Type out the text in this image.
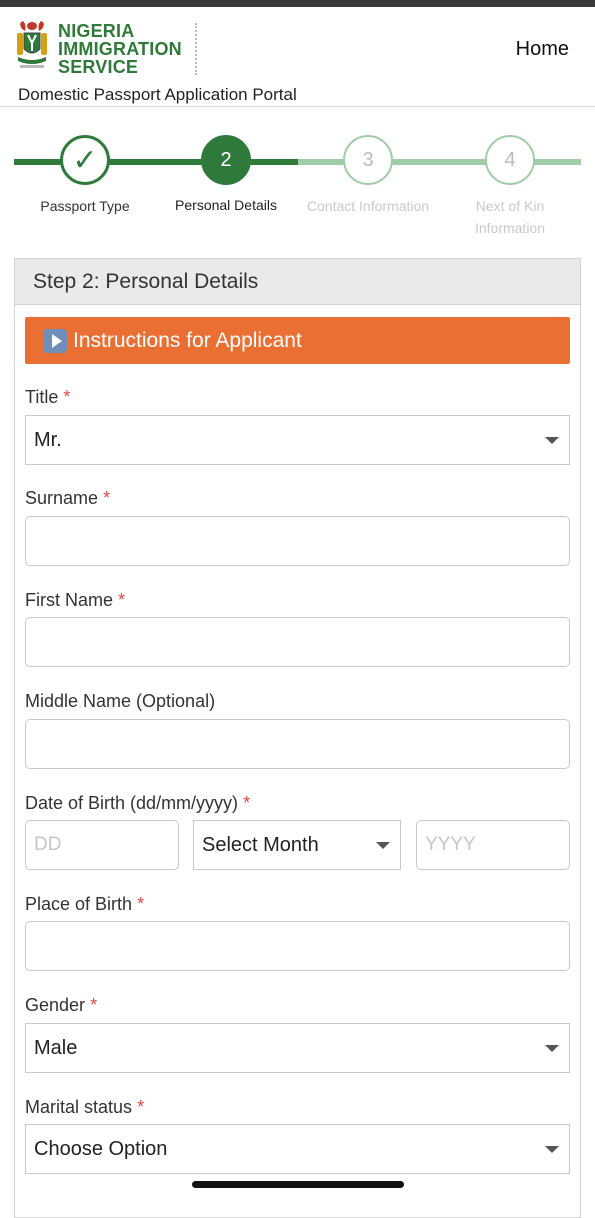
NIGERIA
IMMIGRATION
SERVICE
Home
Domestic Passport Application Portal
✓	2	3	4
Passport Type	Personal Details	Contact Information	Next of Kin Information
Step 2: Personal Details
Instructions for Applicant
Title *
Mr.
Surname *
First Name *
Middle Name (Optional)
Date of Birth (dd/mm/yyyy) *
DD	Select Month	YYYY
Place of Birth *
Gender *
Male
Marital status *
Choose Option
